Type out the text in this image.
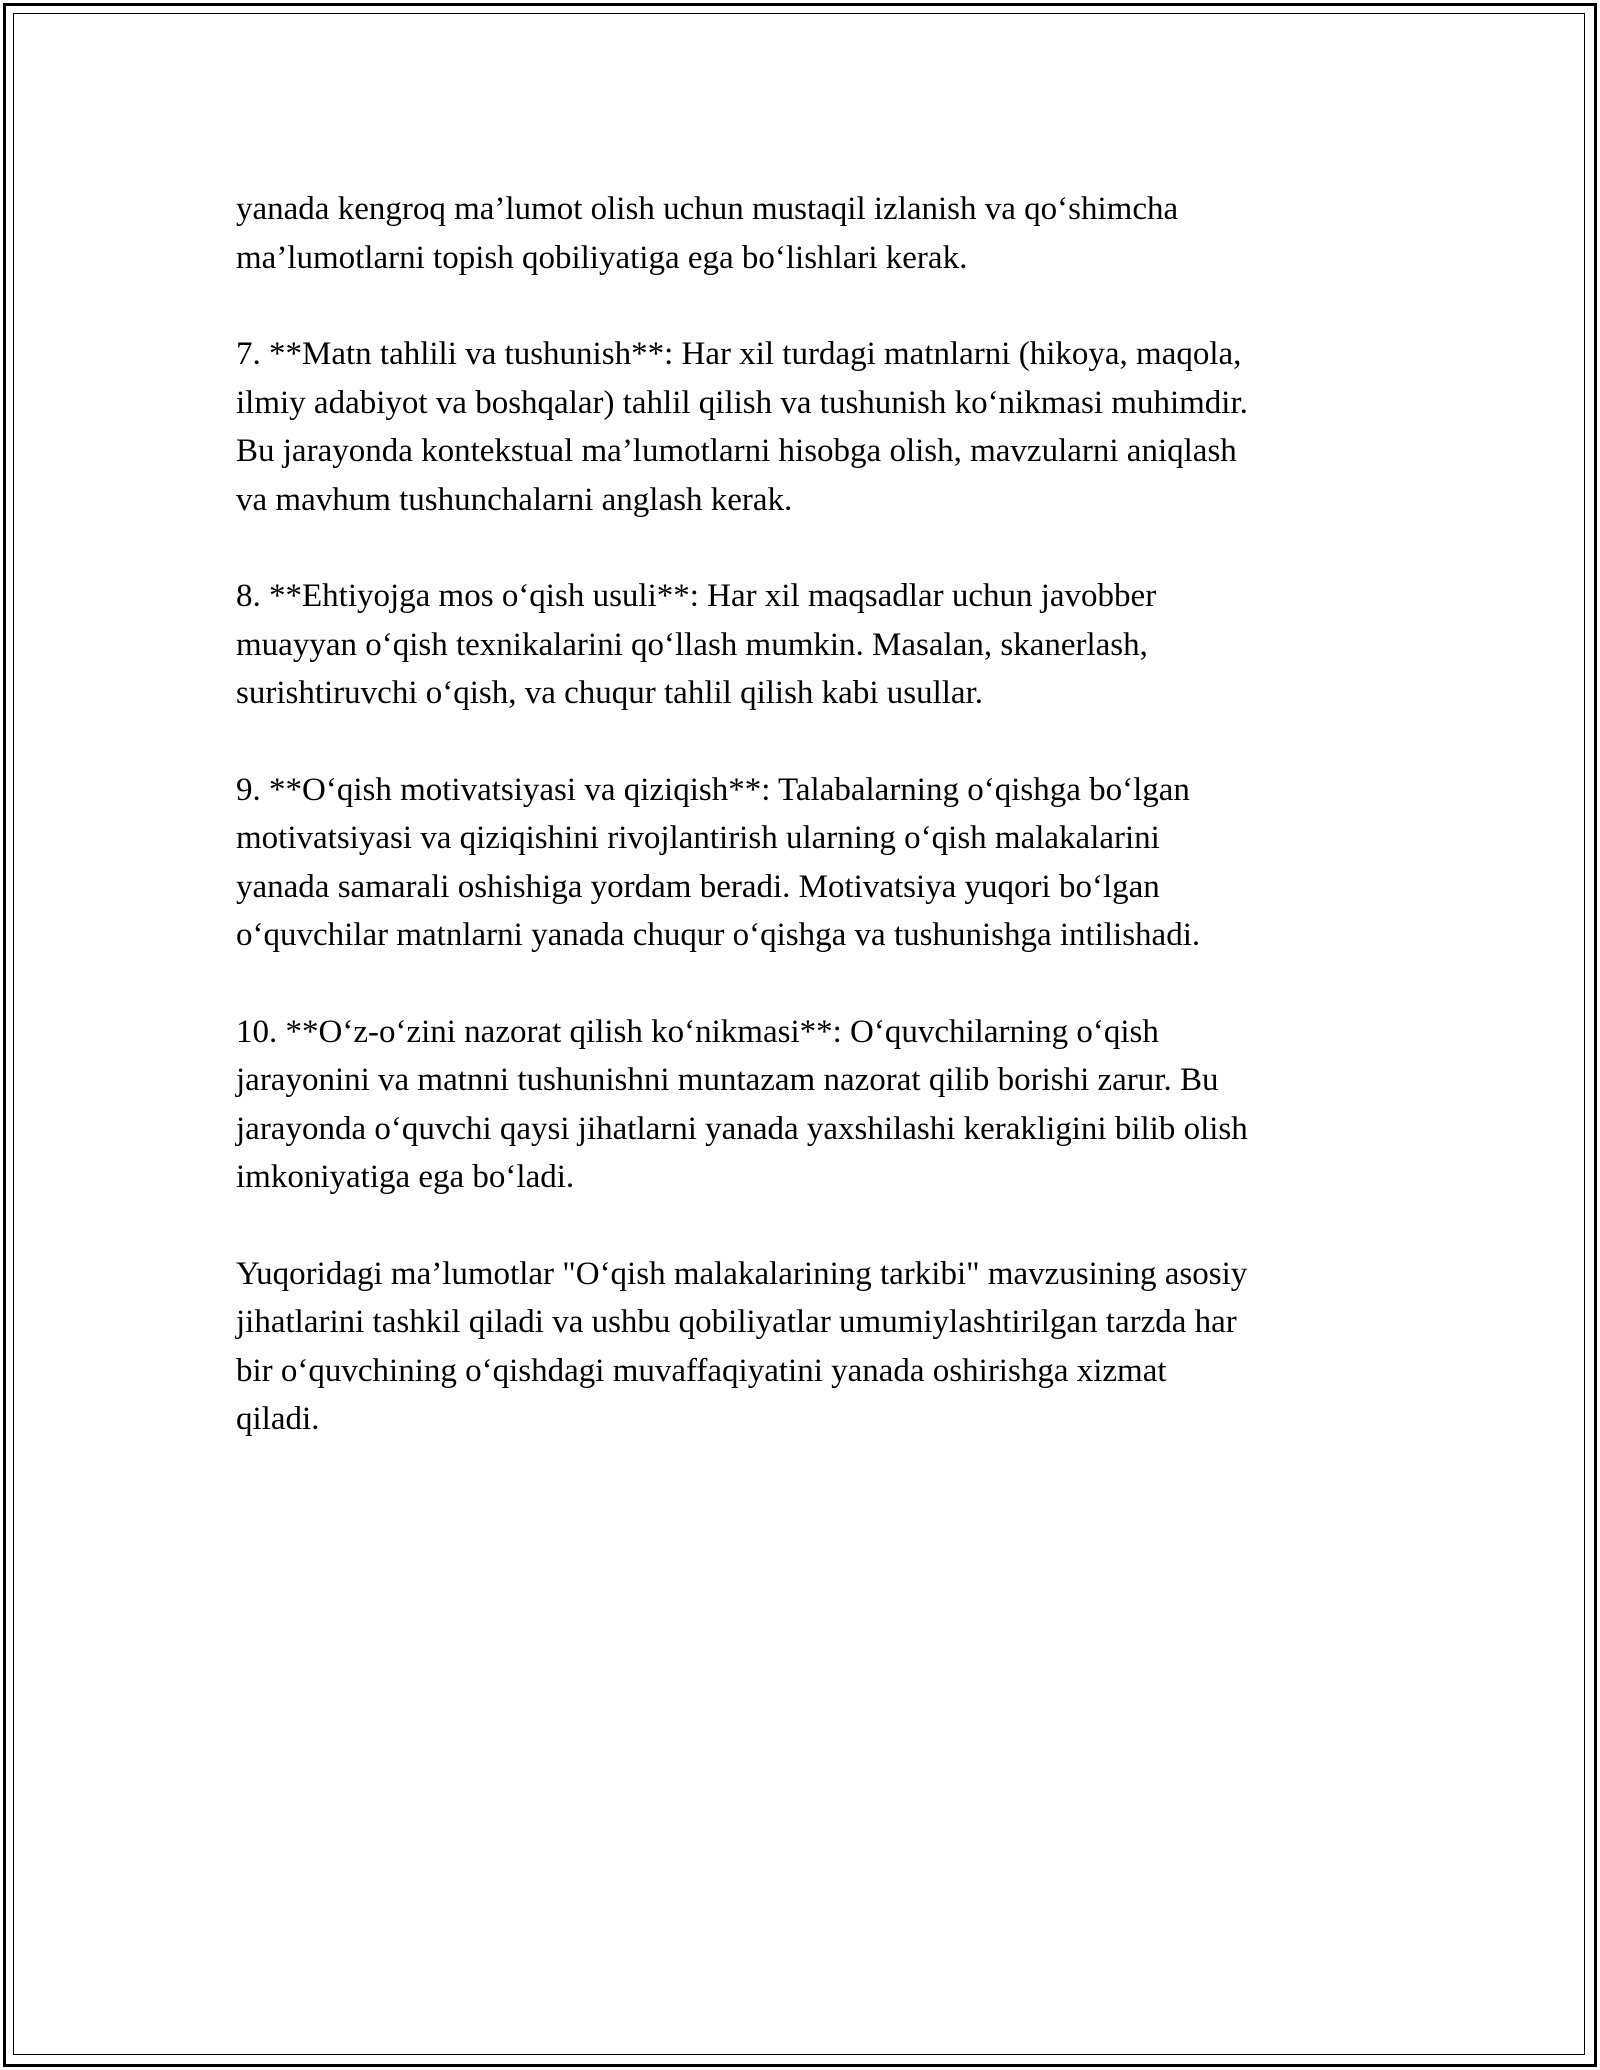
yanada kengroq ma’lumot olish uchun mustaqil izlanish va qo‘shimcha
ma’lumotlarni topish qobiliyatiga ega bo‘lishlari kerak.

7. **Matn tahlili va tushunish**: Har xil turdagi matnlarni (hikoya, maqola,
ilmiy adabiyot va boshqalar) tahlil qilish va tushunish ko‘nikmasi muhimdir.
Bu jarayonda kontekstual ma’lumotlarni hisobga olish, mavzularni aniqlash
va mavhum tushunchalarni anglash kerak.

8. **Ehtiyojga mos o‘qish usuli**: Har xil maqsadlar uchun javobber
muayyan o‘qish texnikalarini qo‘llash mumkin. Masalan, skanerlash,
surishtiruvchi o‘qish, va chuqur tahlil qilish kabi usullar.

9. **O‘qish motivatsiyasi va qiziqish**: Talabalarning o‘qishga bo‘lgan
motivatsiyasi va qiziqishini rivojlantirish ularning o‘qish malakalarini
yanada samarali oshishiga yordam beradi. Motivatsiya yuqori bo‘lgan
o‘quvchilar matnlarni yanada chuqur o‘qishga va tushunishga intilishadi.

10. **O‘z-o‘zini nazorat qilish ko‘nikmasi**: O‘quvchilarning o‘qish
jarayonini va matnni tushunishni muntazam nazorat qilib borishi zarur. Bu
jarayonda o‘quvchi qaysi jihatlarni yanada yaxshilashi kerakligini bilib olish
imkoniyatiga ega bo‘ladi.

Yuqoridagi ma’lumotlar "O‘qish malakalarining tarkibi" mavzusining asosiy
jihatlarini tashkil qiladi va ushbu qobiliyatlar umumiylashtirilgan tarzda har
bir o‘quvchining o‘qishdagi muvaffaqiyatini yanada oshirishga xizmat
qiladi.
